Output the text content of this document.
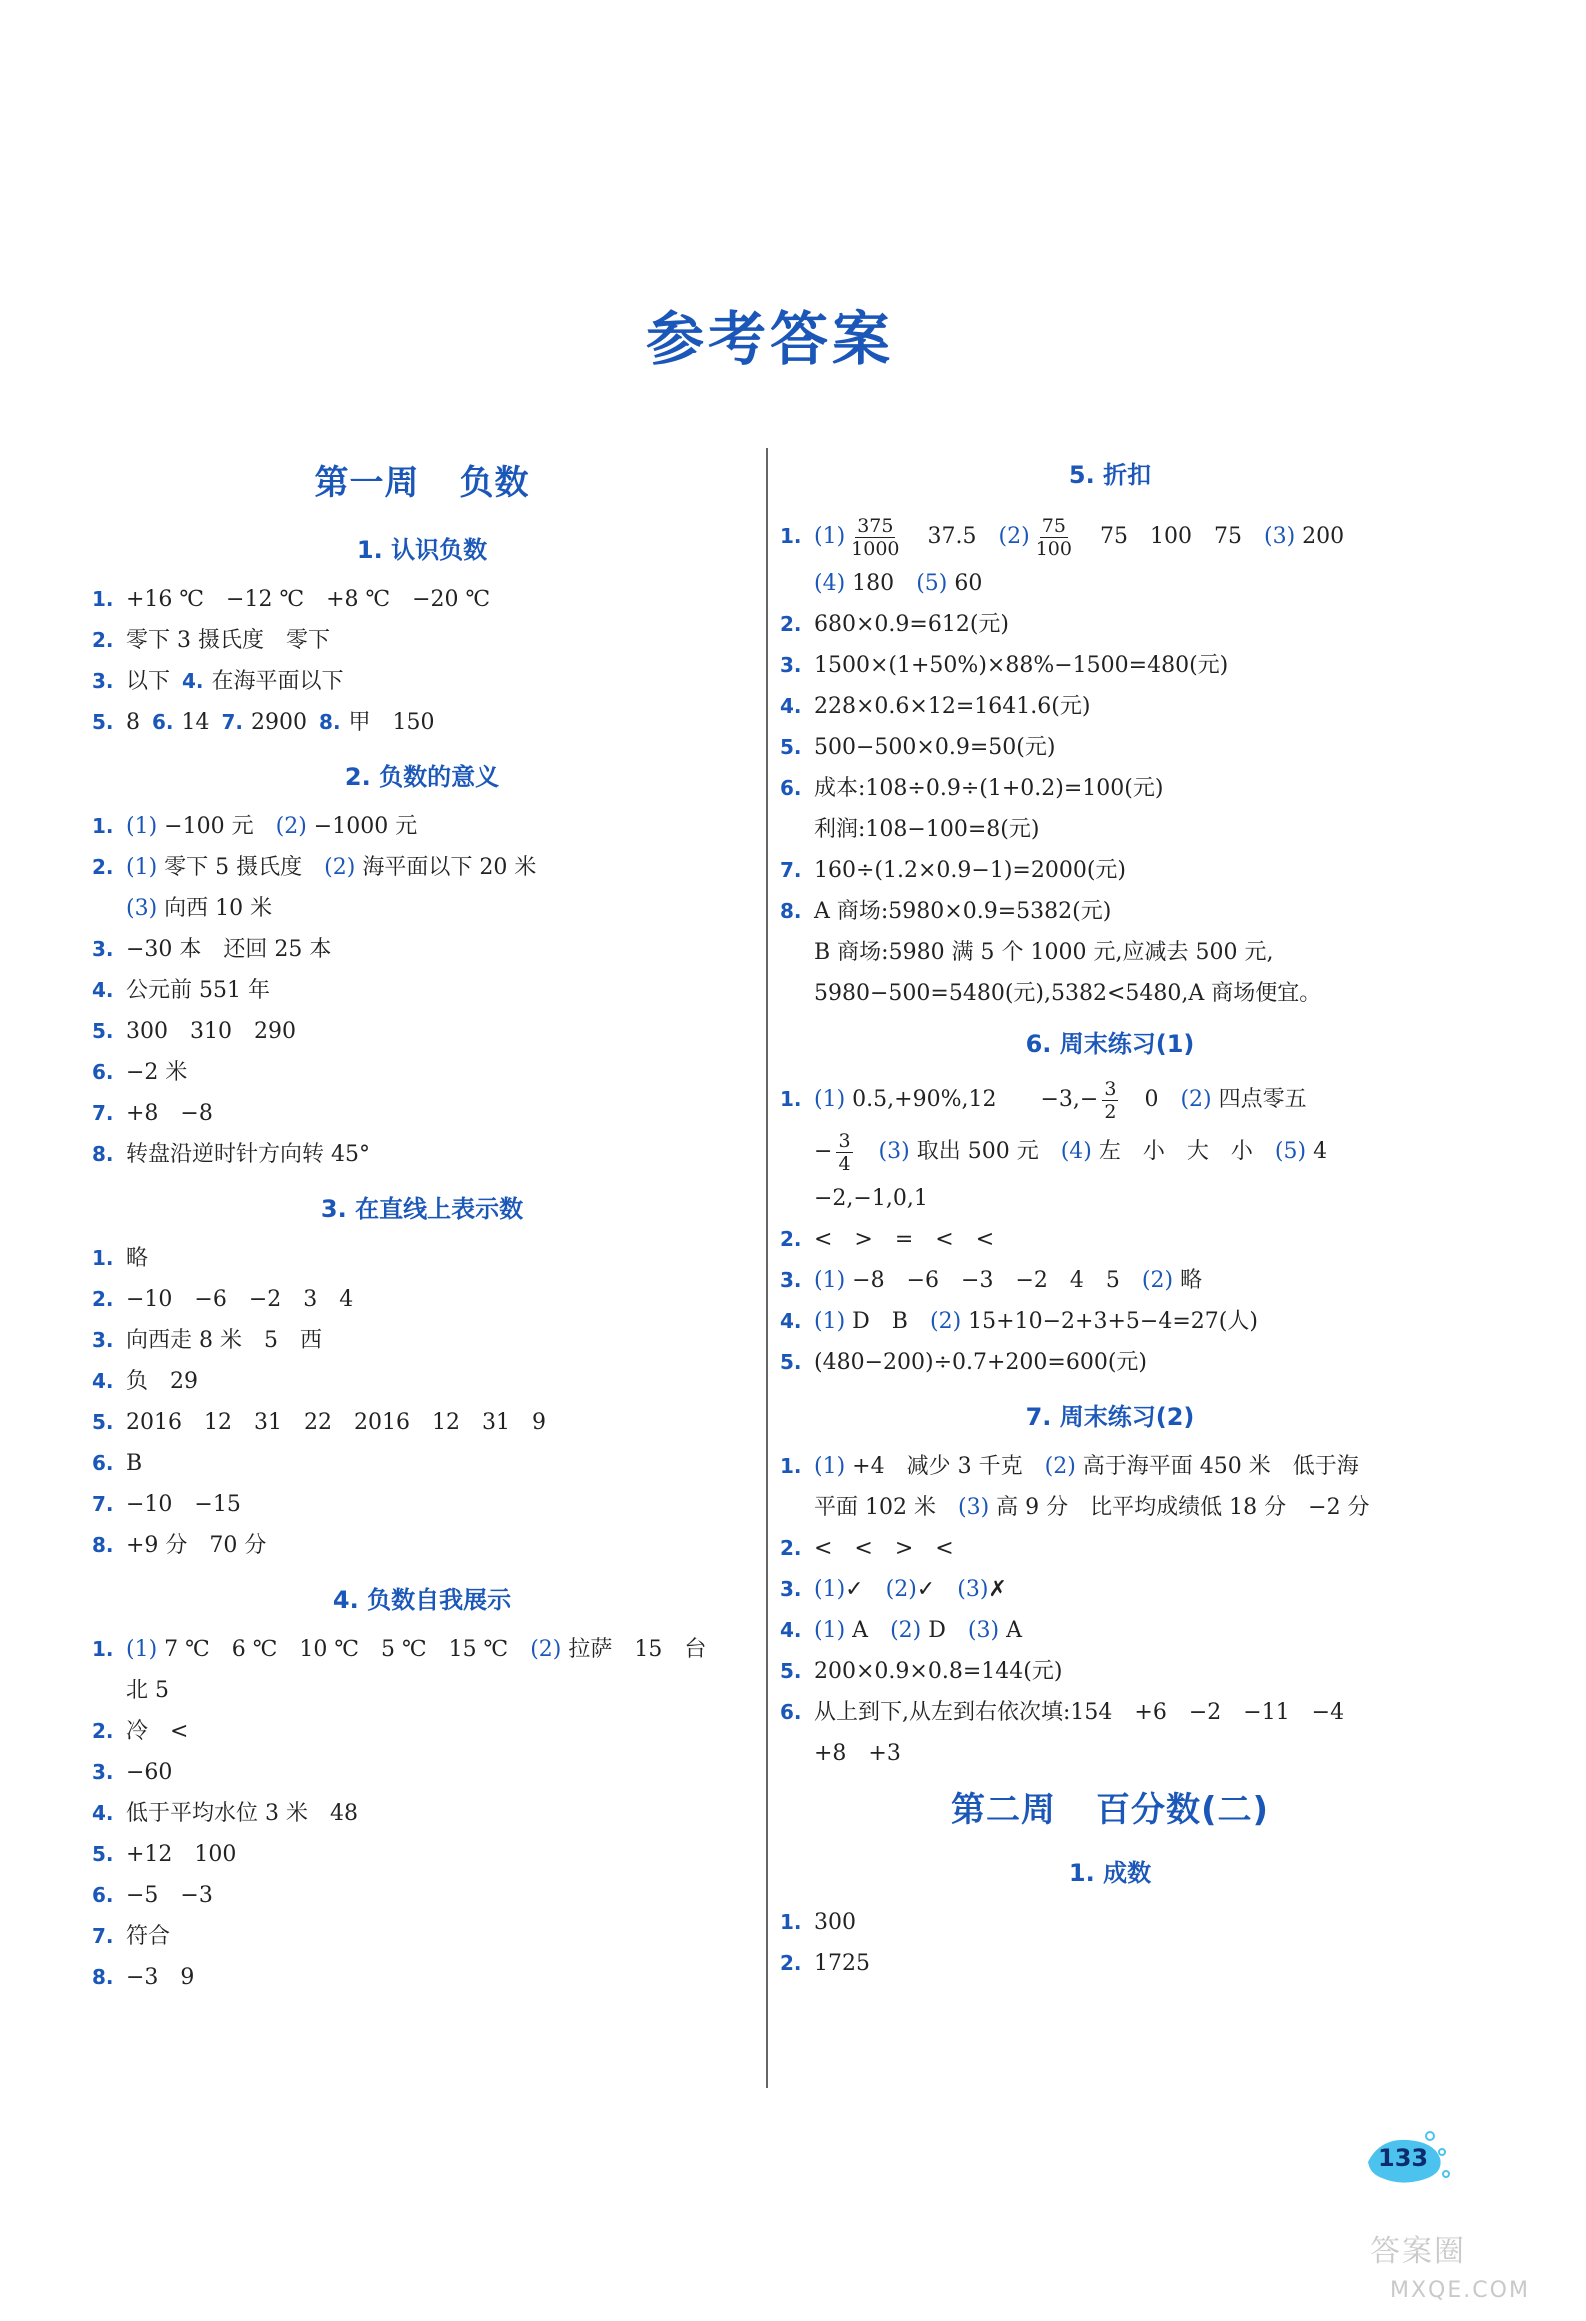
参考答案
第一周 负数
1. 认识负数
1. +16 ℃　−12 ℃　+8 ℃　−20 ℃
2. 零下 3 摄氏度　零下
3. 以下 4. 在海平面以下
5. 8 6. 14 7. 2900 8. 甲　150
2. 负数的意义
1. (1) −100 元　 (2) −1000 元
2. (1) 零下 5 摄氏度　 (2) 海平面以下 20 米
(3) 向西 10 米
3. −30 本　还回 25 本
4. 公元前 551 年
5. 300　310　290
6. −2 米
7. +8　−8
8. 转盘沿逆时针方向转 45°
3. 在直线上表示数
1. 略
2. −10　−6　−2　3　4
3. 向西走 8 米　5　西
4. 负　29
5. 2016　12　31　22　2016　12　31　9
6. B
7. −10　−15
8. +9 分　70 分
4. 负数自我展示
1. (1) 7 ℃　6 ℃　10 ℃　5 ℃　15 ℃　 (2) 拉萨　15　台
北 5
2. 冷　<
3. −60
4. 低于平均水位 3 米　48
5. +12　100
6. −5　−3
7. 符合
8. −3　9
5. 折扣
1. $(1) \frac{375}{1000}$
　 37.5　 $(2) \frac{75}{100}$
　 75　100　75　 (3) 200
(4) 180　 (5) 60
2. 680×0.9=612(元)
3. 1500×(1+50%)×88%−1500=480(元)
4. 228×0.6×12=1641.6(元)
5. 500−500×0.9=50(元)
6. 成本:108÷0.9÷(1+0.2)=100(元)
利润:108−100=8(元)
7. 160÷(1.2×0.9−1)=2000(元)
8. A 商场:5980×0.9=5382(元)
B 商场:5980 满 5 个 1000 元,应减去 500 元,
5980−500=5480(元),5382<5480,A 商场便宜。
6. 周末练习(1)
1. (1) 0.5,+90%,12　　$-3,- \frac{3}{2}$
　 0　 (2) 四点零五
− $\frac{3}{4}$
　 (3) 取出 500 元　 (4) 左　小　大　小　 (5) 4
−2,−1,0,1
2. <　>　=　<　<
3. (1) −8　−6　−3　−2　4　5　 (2) 略
4. (1) D　B　 (2) 15+10−2+3+5−4=27(人)
5. (480−200)÷0.7+200=600(元)
7. 周末练习(2)
1. (1) +4　减少 3 千克　 (2) 高于海平面 450 米　低于海
平面 102 米　 (3) 高 9 分　比平均成绩低 18 分　−2 分
2. <　<　>　<
3. (1)✓　 (2)✓　 (3)✗
4. (1) A　 (2) D　 (3) A
5. 200×0.9×0.8=144(元)
6. 从上到下,从左到右依次填:154　+6　−2　−11　−4
+8　+3
第二周 百分数(二)
1. 成数
1. 300
2. 1725
133
答案圈
MXQE.COM
